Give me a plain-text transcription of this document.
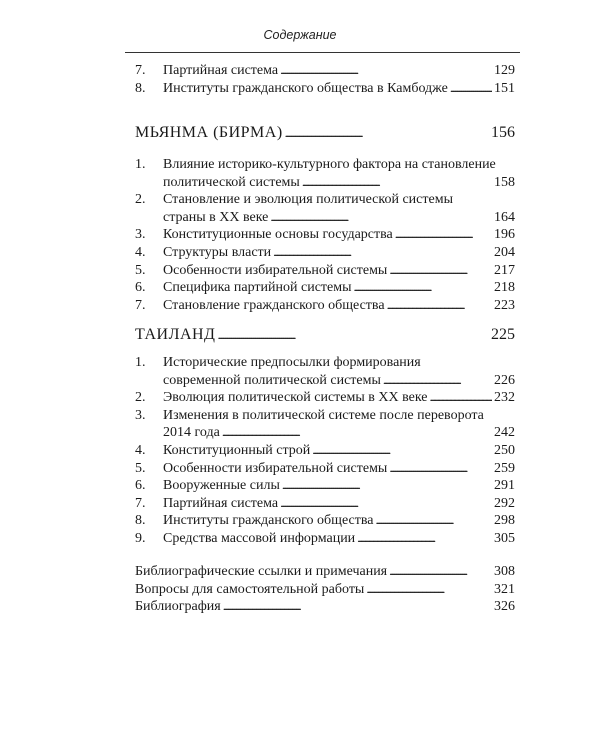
Содержание
7.	Партийная система . . .	129
8.	Институты гражданского общества в Камбодже . . .	151
МЬЯНМА (БИРМА) . . .	156
1.	Влияние историко-культурного фактора на становление
политической системы . . .	158
2.	Становление и эволюция политической системы
страны в XX веке . . .	164
3.	Конституционные основы государства . . .	196
4.	Структуры власти . . .	204
5.	Особенности избирательной системы . . .	217
6.	Специфика партийной системы . . .	218
7.	Становление гражданского общества . . .	223
ТАИЛАНД . . .	225
1.	Исторические предпосылки формирования
современной политической системы . . .	226
2.	Эволюция политической системы в XX веке . . .	232
3.	Изменения в политической системе после переворота
2014 года . . .	242
4.	Конституционный строй . . .	250
5.	Особенности избирательной системы . . .	259
6.	Вооруженные силы . . .	291
7.	Партийная система . . .	292
8.	Институты гражданского общества . . .	298
9.	Средства массовой информации . . .	305
Библиографические ссылки и примечания . . .	308
Вопросы для самостоятельной работы . . .	321
Библиография . . .	326
